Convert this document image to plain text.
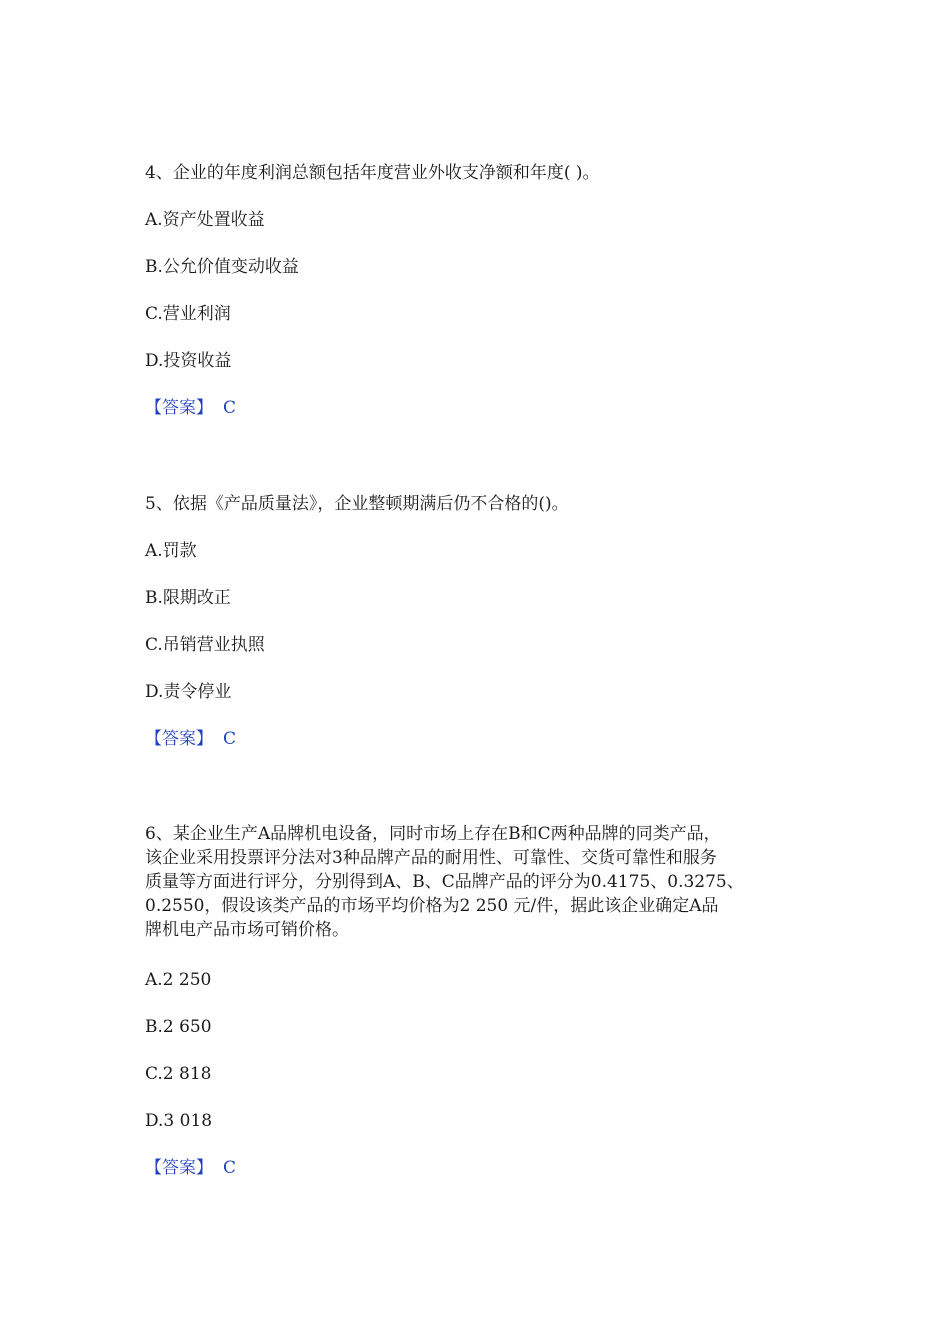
4、企业的年度利润总额包括年度营业外收支净额和年度( )。
A.资产处置收益
B.公允价值变动收益
C.营业利润
D.投资收益
【答案】 C
5、依据《产品质量法》，企业整顿期满后仍不合格的()。
A.罚款
B.限期改正
C.吊销营业执照
D.责令停业
【答案】 C
6、某企业生产A品牌机电设备，同时市场上存在B和C两种品牌的同类产品，
该企业采用投票评分法对3种品牌产品的耐用性、可靠性、交货可靠性和服务
质量等方面进行评分，分别得到A、B、C品牌产品的评分为0.4175、0.3275、
0.2550，假设该类产品的市场平均价格为2 250 元/件，据此该企业确定A品
牌机电产品市场可销价格。
A.2 250
B.2 650
C.2 818
D.3 018
【答案】 C
